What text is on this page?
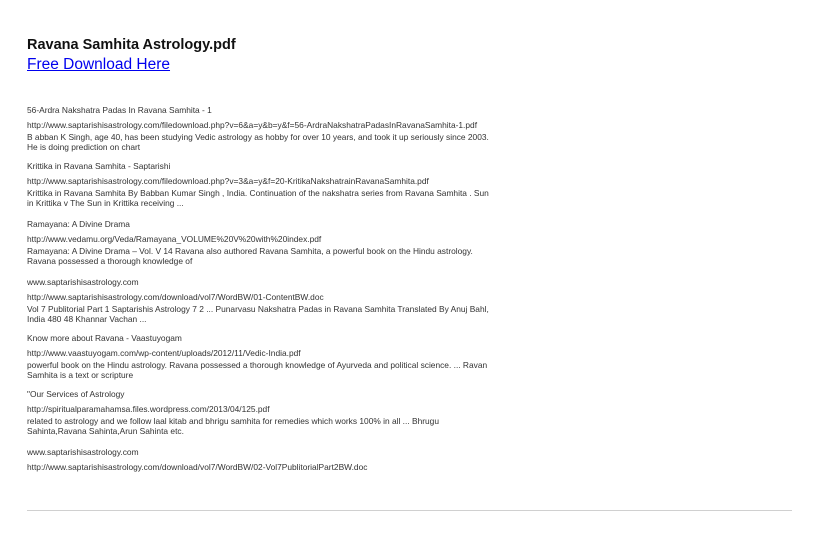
Ravana Samhita Astrology.pdf
Free Download Here
56-Ardra Nakshatra Padas In Ravana Samhita - 1
http://www.saptarishisastrology.com/filedownload.php?v=6&a=y&b=y&f=56-ArdraNakshatraPadasInRavanaSamhita-1.pdf
B abban K Singh, age 40, has been studying Vedic astrology as hobby for over 10 years, and took it up seriously since 2003.
He is doing prediction on chart
Krittika in Ravana Samhita - Saptarishi
http://www.saptarishisastrology.com/filedownload.php?v=3&a=y&f=20-KritikaNakshatrainRavanaSamhita.pdf
Krittika in Ravana Samhita By Babban Kumar Singh , India. Continuation of the nakshatra series from Ravana Samhita . Sun
in Krittika v The Sun in Krittika receiving ...
Ramayana: A Divine Drama
http://www.vedamu.org/Veda/Ramayana_VOLUME%20V%20with%20index.pdf
Ramayana: A Divine Drama – Vol. V 14 Ravana also authored Ravana Samhita, a powerful book on the Hindu astrology.
Ravana possessed a thorough knowledge of
www.saptarishisastrology.com
http://www.saptarishisastrology.com/download/vol7/WordBW/01-ContentBW.doc
Vol 7 Publitorial Part 1 Saptarishis Astrology 7 2 ... Punarvasu Nakshatra Padas in Ravana Samhita Translated By Anuj Bahl,
India 480 48 Khannar Vachan ...
Know more about Ravana - Vaastuyogam
http://www.vaastuyogam.com/wp-content/uploads/2012/11/Vedic-India.pdf
powerful book on the Hindu astrology. Ravana possessed a thorough knowledge of Ayurveda and political science. ... Ravan
Samhita is a text or scripture
"Our Services of Astrology
http://spiritualparamahamsa.files.wordpress.com/2013/04/125.pdf
related to astrology and we follow laal kitab and bhrigu samhita for remedies which works 100% in all ... Bhrugu
Sahinta,Ravana Sahinta,Arun Sahinta etc.
www.saptarishisastrology.com
http://www.saptarishisastrology.com/download/vol7/WordBW/02-Vol7PublitorialPart2BW.doc
